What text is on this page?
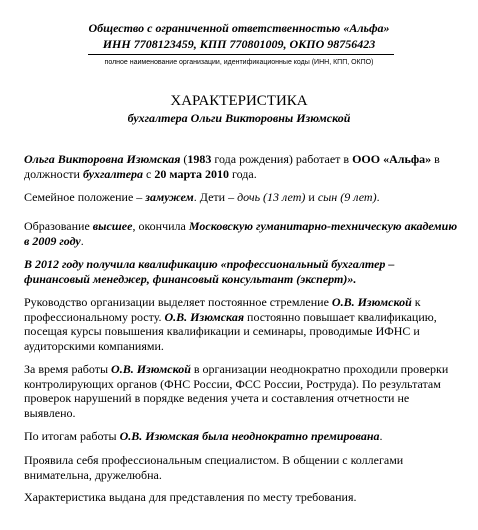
Общество с ограниченной ответственностью «Альфа»
ИНН 7708123459, КПП 770801009, ОКПО 98756423
полное наименование организации, идентификационные коды (ИНН, КПП, ОКПО)
ХАРАКТЕРИСТИКА
бухгалтера Ольги Викторовны Изюмской
Ольга Викторовна Изюмская (1983 года рождения) работает в ООО «Альфа» в
должности бухгалтера с 20 марта 2010 года.
Семейное положение – замужем. Дети – дочь (13 лет) и сын (9 лет).
Образование высшее, окончила Московскую гуманитарно-техническую академию
в 2009 году.
В 2012 году получила квалификацию «профессиональный бухгалтер –
финансовый менеджер, финансовый консультант (эксперт)».
Руководство организации выделяет постоянное стремление О.В. Изюмской к
профессиональному росту. О.В. Изюмская постоянно повышает квалификацию,
посещая курсы повышения квалификации и семинары, проводимые ИФНС и
аудиторскими компаниями.
За время работы О.В. Изюмской в организации неоднократно проходили проверки
контролирующих органов (ФНС России, ФСС России, Роструда). По результатам
проверок нарушений в порядке ведения учета и составления отчетности не
выявлено.
По итогам работы О.В. Изюмская была неоднократно премирована.
Проявила себя профессиональным специалистом. В общении с коллегами
внимательна, дружелюбна.
Характеристика выдана для представления по месту требования.
